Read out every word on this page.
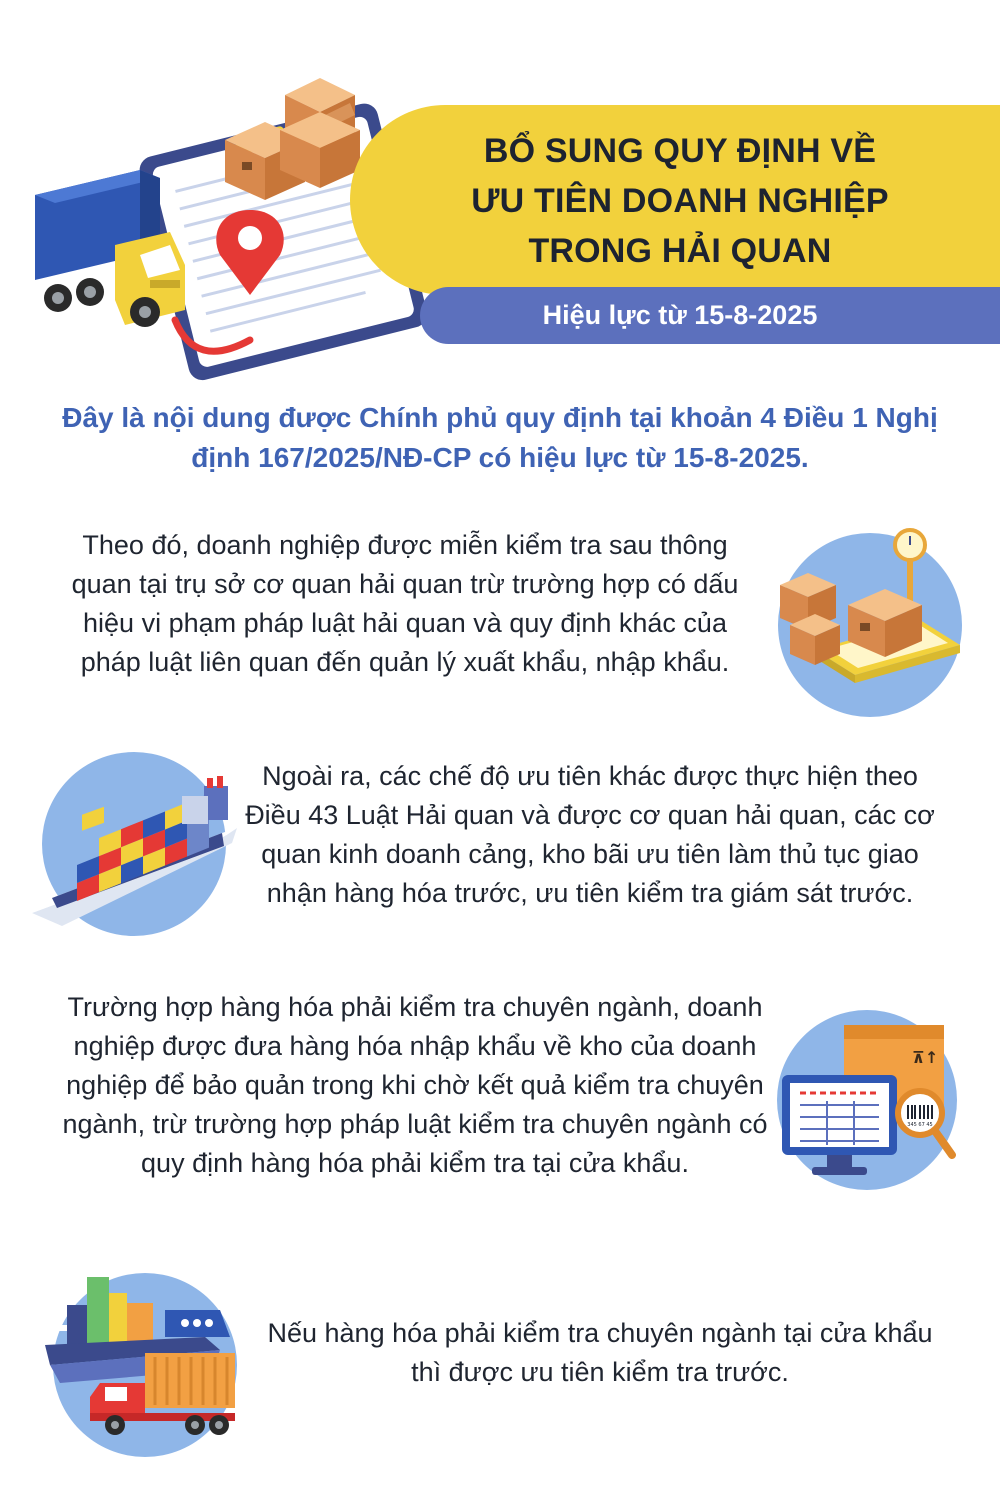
BỔ SUNG QUY ĐỊNH VỀ
ƯU TIÊN DOANH NGHIỆP
TRONG HẢI QUAN
Hiệu lực từ 15-8-2025
Đây là nội dung được Chính phủ quy định tại khoản 4 Điều 1 Nghị định 167/2025/NĐ-CP có hiệu lực từ 15-8-2025.
Theo đó, doanh nghiệp được miễn kiểm tra sau thông quan tại trụ sở cơ quan hải quan trừ trường hợp có dấu hiệu vi phạm pháp luật hải quan và quy định khác của pháp luật liên quan đến quản lý xuất khẩu, nhập khẩu.
Ngoài ra, các chế độ ưu tiên khác được thực hiện theo Điều 43 Luật Hải quan và được cơ quan hải quan, các cơ quan kinh doanh cảng, kho bãi ưu tiên làm thủ tục giao nhận hàng hóa trước, ưu tiên kiểm tra giám sát trước.
Trường hợp hàng hóa phải kiểm tra chuyên ngành, doanh nghiệp được đưa hàng hóa nhập khẩu về kho của doanh nghiệp để bảo quản trong khi chờ kết quả kiểm tra chuyên ngành, trừ trường hợp pháp luật kiểm tra chuyên ngành có quy định hàng hóa phải kiểm tra tại cửa khẩu.
⊼↑
345 67 45
Nếu hàng hóa phải kiểm tra chuyên ngành tại cửa khẩu thì được ưu tiên kiểm tra trước.
